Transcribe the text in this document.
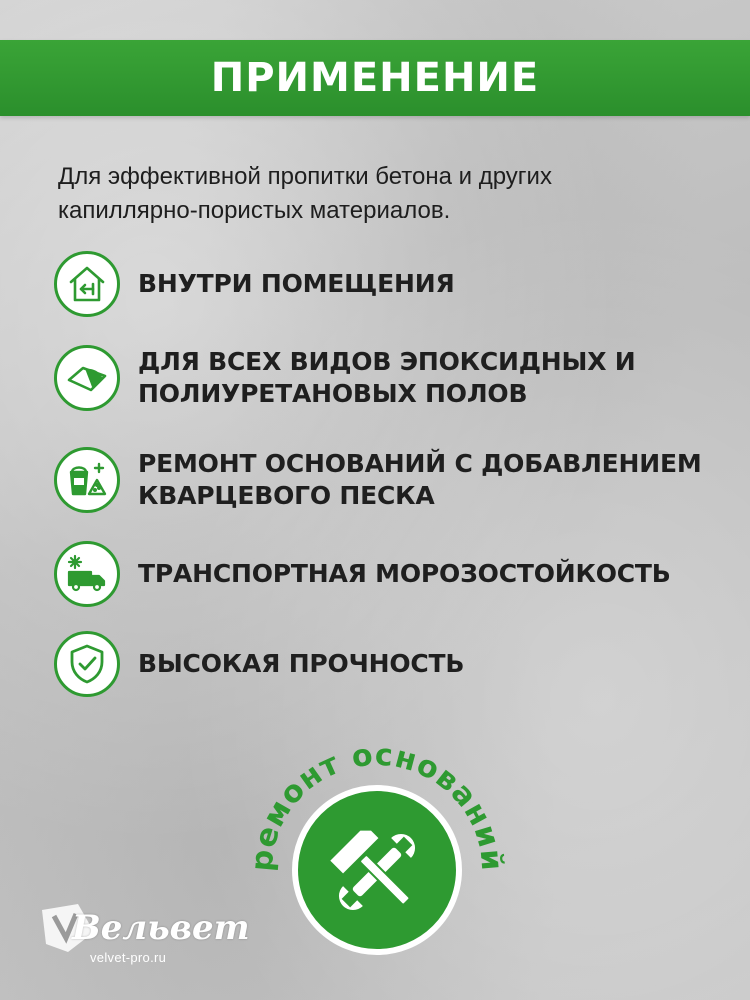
ПРИМЕНЕНИЕ
Для эффективной пропитки бетона и других
капиллярно-пористых материалов.
ВНУТРИ ПОМЕЩЕНИЯ
ДЛЯ ВСЕХ ВИДОВ ЭПОКСИДНЫХ И
ПОЛИУРЕТАНОВЫХ ПОЛОВ
РЕМОНТ ОСНОВАНИЙ С ДОБАВЛЕНИЕМ
КВАРЦЕВОГО ПЕСКА
ТРАНСПОРТНАЯ МОРОЗОСТОЙКОСТЬ
ВЫСОКАЯ ПРОЧНОСТЬ
ремонт оснований
Вельвет
velvet-pro.ru
